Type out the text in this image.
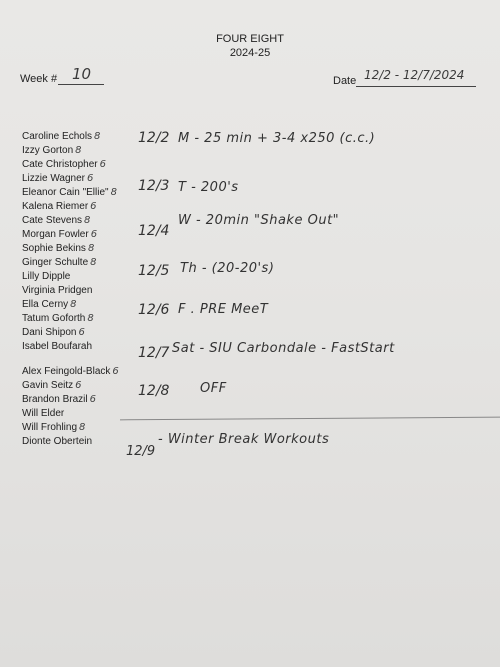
FOUR EIGHT
2024-25
Week # 10	Date 12/2 - 12/7/2024
Caroline Echols 8
Izzy Gorton 8
Cate Christopher 6
Lizzie Wagner 6
Eleanor Cain "Ellie" 8
Kalena Riemer 6
Cate Stevens 8
Morgan Fowler 6
Sophie Bekins 8
Ginger Schulte 8
Lilly Dipple
Virginia Pridgen
Ella Cerny 8
Tatum Goforth 8
Dani Shipon 6
Isabel Boufarah
Alex Feingold-Black 6
Gavin Seitz 6
Brandon Brazil 6
Will Elder
Will Frohling 8
Dionte Obertein
12/2 M - 25 min + 3-4 x250 (c.c.)
12/3 T - 200's
12/4
W - 20min "Shake Out"
12/5 Th - (20-20's)
12/6 F . PRE MeeT
12/7 Sat - SIU Carbondale - FastStart
12/8 OFF
12/9
- Winter Break Workouts
